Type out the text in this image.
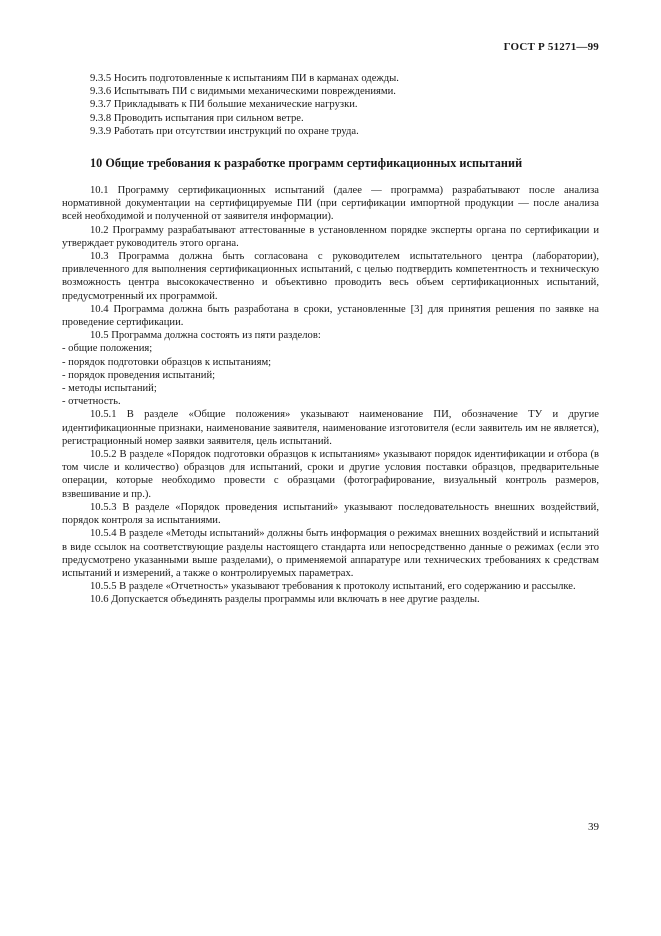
ГОСТ Р 51271—99

9.3.5 Носить подготовленные к испытаниям ПИ в карманах одежды.

9.3.6 Испытывать ПИ с видимыми механическими повреждениями.

9.3.7 Прикладывать к ПИ большие механические нагрузки.

9.3.8 Проводить испытания при сильном ветре.

9.3.9 Работать при отсутствии инструкций по охране труда.

10 Общие требования к разработке программ сертификационных испытаний

10.1 Программу сертификационных испытаний (далее — программа) разрабатывают после анализа нормативной документации на сертифицируемые ПИ (при сертификации импортной продукции — после анализа всей необходимой и полученной от заявителя информации).

10.2 Программу разрабатывают аттестованные в установленном порядке эксперты органа по сертификации и утверждает руководитель этого органа.

10.3 Программа должна быть согласована с руководителем испытательного центра (лаборатории), привлеченного для выполнения сертификационных испытаний, с целью подтвердить компетентность и техническую возможность центра высококачественно и объективно проводить весь объем сертификационных испытаний, предусмотренный их программой.

10.4 Программа должна быть разработана в сроки, установленные [3] для принятия решения по заявке на проведение сертификации.

10.5 Программа должна состоять из пяти разделов:

- общие положения;

- порядок подготовки образцов к испытаниям;

- порядок проведения испытаний;

- методы испытаний;

- отчетность.

10.5.1 В разделе «Общие положения» указывают наименование ПИ, обозначение ТУ и другие идентификационные признаки, наименование заявителя, наименование изготовителя (если заявитель им не является), регистрационный номер заявки заявителя, цель испытаний.

10.5.2 В разделе «Порядок подготовки образцов к испытаниям» указывают порядок идентификации и отбора (в том числе и количество) образцов для испытаний, сроки и другие условия поставки образцов, предварительные операции, которые необходимо провести с образцами (фотографирование, визуальный контроль размеров, взвешивание и пр.).

10.5.3 В разделе «Порядок проведения испытаний» указывают последовательность внешних воздействий, порядок контроля за испытаниями.

10.5.4 В разделе «Методы испытаний» должны быть информация о режимах внешних воздействий и испытаний в виде ссылок на соответствующие разделы настоящего стандарта или непосредственно данные о режимах (если это предусмотрено указанными выше разделами), о применяемой аппаратуре или технических требованиях к средствам испытаний и измерений, а также о контролируемых параметрах.

10.5.5 В разделе «Отчетность» указывают требования к протоколу испытаний, его содержанию и рассылке.

10.6 Допускается объединять разделы программы или включать в нее другие разделы.

39
